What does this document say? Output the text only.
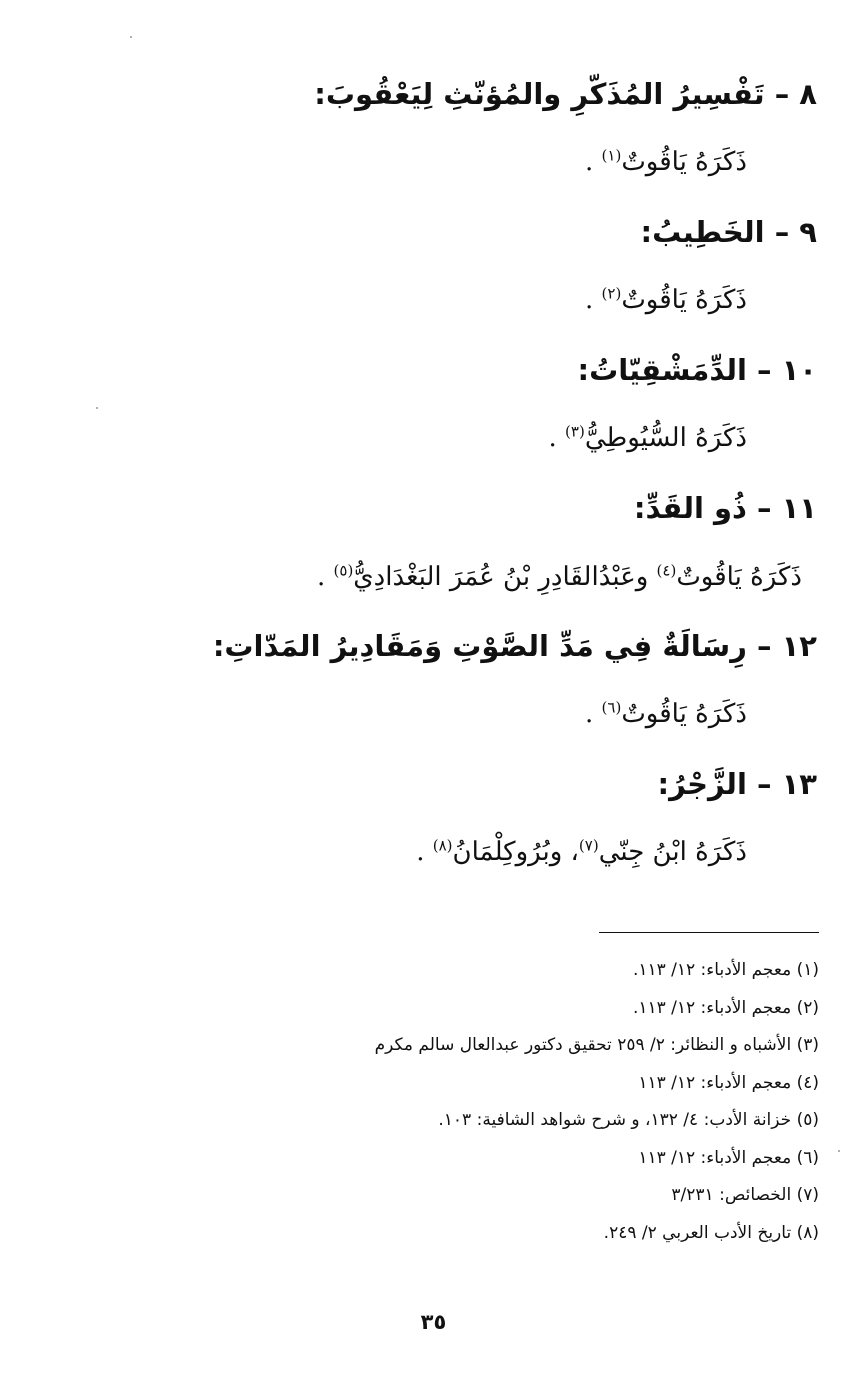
٨ – تَفْسِيرُ المُذَكّرِ والمُؤنّثِ لِيَعْقُوبَ:
ذَكَرَهُ يَاقُوتٌ$^{(١)}$ .
٩ – الخَطِيبُ:
ذَكَرَهُ يَاقُوتٌ$^{(٢)}$ .
١٠ – الدِّمَشْقِيّاتُ:
ذَكَرَهُ السُّيُوطِيُّ$^{(٣)}$ .
١١ – ذُو القَدِّ:
ذَكَرَهُ يَاقُوتٌ$^{(٤)}$ وعَبْدُالقَادِرِ بْنُ عُمَرَ البَغْدَادِيُّ$^{(٥)}$ .
١٢ – رِسَالَةٌ فِي مَدِّ الصَّوْتِ وَمَقَادِيرُ المَدّاتِ:
ذَكَرَهُ يَاقُوتٌ$^{(٦)}$ .
١٣ – الزَّجْرُ:
ذَكَرَهُ ابْنُ جِنّي$^{(٧)}$، وبُرُوكِلْمَانُ$^{(٨)}$ .
(١) معجم الأدباء: ١٢/ ١١٣.
(٢) معجم الأدباء: ١٢/ ١١٣.
(٣) الأشباه و النظائر: ٢/ ٢٥٩ تحقيق دكتور عبدالعال سالم مكرم
(٤) معجم الأدباء: ١٢/ ١١٣
(٥) خزانة الأدب: ٤/ ١٣٢، و شرح شواهد الشافية: ١٠٣.
(٦) معجم الأدباء: ١٢/ ١١٣
(٧) الخصائص: ٣/٢٣١
(٨) تاريخ الأدب العربي ٢/ ٢٤٩.
٣٥
